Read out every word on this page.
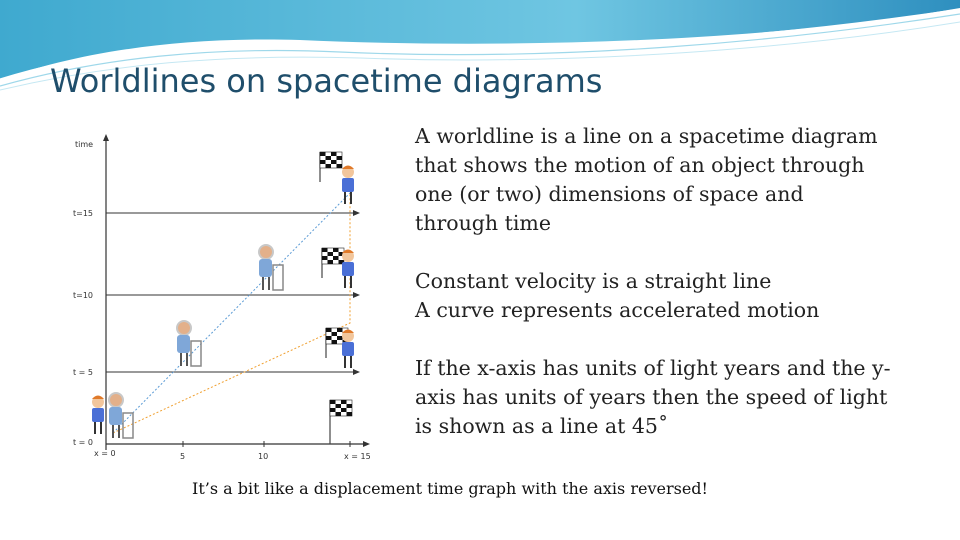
Worldlines on spacetime diagrams
time
t=15
t=10
t = 5
t = 0
x = 0	5	10	x = 15

A worldline is a line on a spacetime diagram

that shows the motion of an object through

one (or two) dimensions of space and

through time

Constant velocity is a straight line

A curve represents accelerated motion

If the x-axis has units of light years and the y-

axis has units of years then the speed of light

is shown as a line at 45˚

It’s a bit like a displacement time graph with the axis reversed!
